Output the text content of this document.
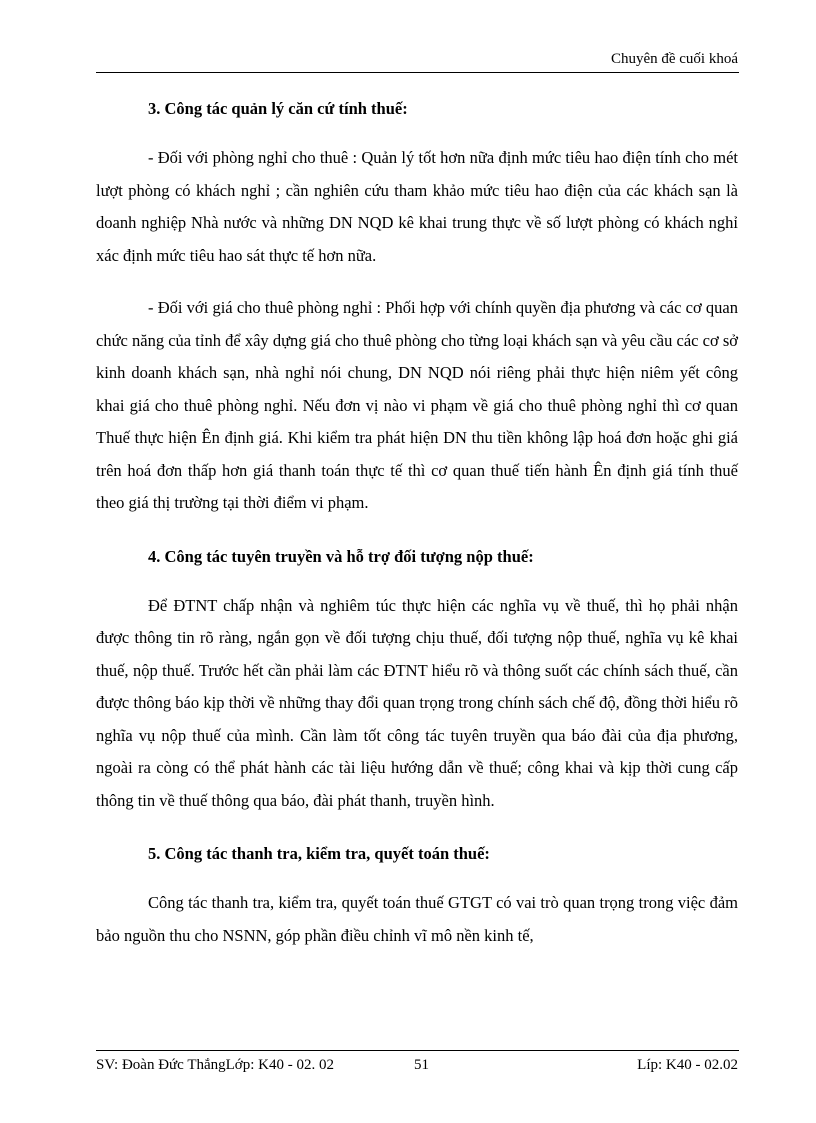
Chuyên đề cuối khoá
3. Công tác quản lý căn cứ tính thuế:

- Đối với phòng nghỉ cho thuê : Quản lý tốt hơn nữa định mức tiêu hao điện tính cho mét lượt phòng có khách nghỉ ; cần nghiên cứu tham khảo mức tiêu hao điện của các khách sạn là doanh nghiệp Nhà nước và những DN NQD kê khai trung thực về số lượt phòng có khách nghỉ xác định mức tiêu hao sát thực tế hơn nữa.

- Đối với giá cho thuê phòng nghỉ : Phối hợp với chính quyền địa phương và các cơ quan chức năng của tỉnh để xây dựng giá cho thuê phòng cho từng loại khách sạn và yêu cầu các cơ sở kinh doanh khách sạn, nhà nghỉ nói chung, DN NQD nói riêng phải thực hiện niêm yết công khai giá cho thuê phòng nghỉ. Nếu đơn vị nào vi phạm về giá cho thuê phòng nghỉ thì cơ quan Thuế thực hiện Ên định giá. Khi kiểm tra phát hiện DN thu tiền không lập hoá đơn hoặc ghi giá trên hoá đơn thấp hơn giá thanh toán thực tế thì cơ quan thuế tiến hành Ên định giá tính thuế theo giá thị trường tại thời điểm vi phạm.

4. Công tác tuyên truyền và hỗ trợ đối tượng nộp thuế:

Để ĐTNT chấp nhận và nghiêm túc thực hiện các nghĩa vụ về thuế, thì họ phải nhận được thông tin rõ ràng, ngắn gọn về đối tượng chịu thuế, đối tượng nộp thuế, nghĩa vụ kê khai thuế, nộp thuế. Trước hết cần phải làm các ĐTNT hiểu rõ và thông suốt các chính sách thuế, cần được thông báo kịp thời về những thay đổi quan trọng trong chính sách chế độ, đồng thời hiểu rõ nghĩa vụ nộp thuế của mình. Cần làm tốt công tác tuyên truyền qua báo đài của địa phương, ngoài ra còng có thể phát hành các tài liệu hướng dẫn về thuế; công khai và kịp thời cung cấp thông tin về thuế thông qua báo, đài phát thanh, truyền hình.

5. Công tác thanh tra, kiểm tra, quyết toán thuế:

Công tác thanh tra, kiểm tra, quyết toán thuế GTGT có vai trò quan trọng trong việc đảm bảo nguồn thu cho NSNN, góp phần điều chỉnh vĩ mô nền kinh tế,

SV: Đoàn Đức ThắngLớp: K40 - 02. 02	51	Líp: K40 - 02.02
